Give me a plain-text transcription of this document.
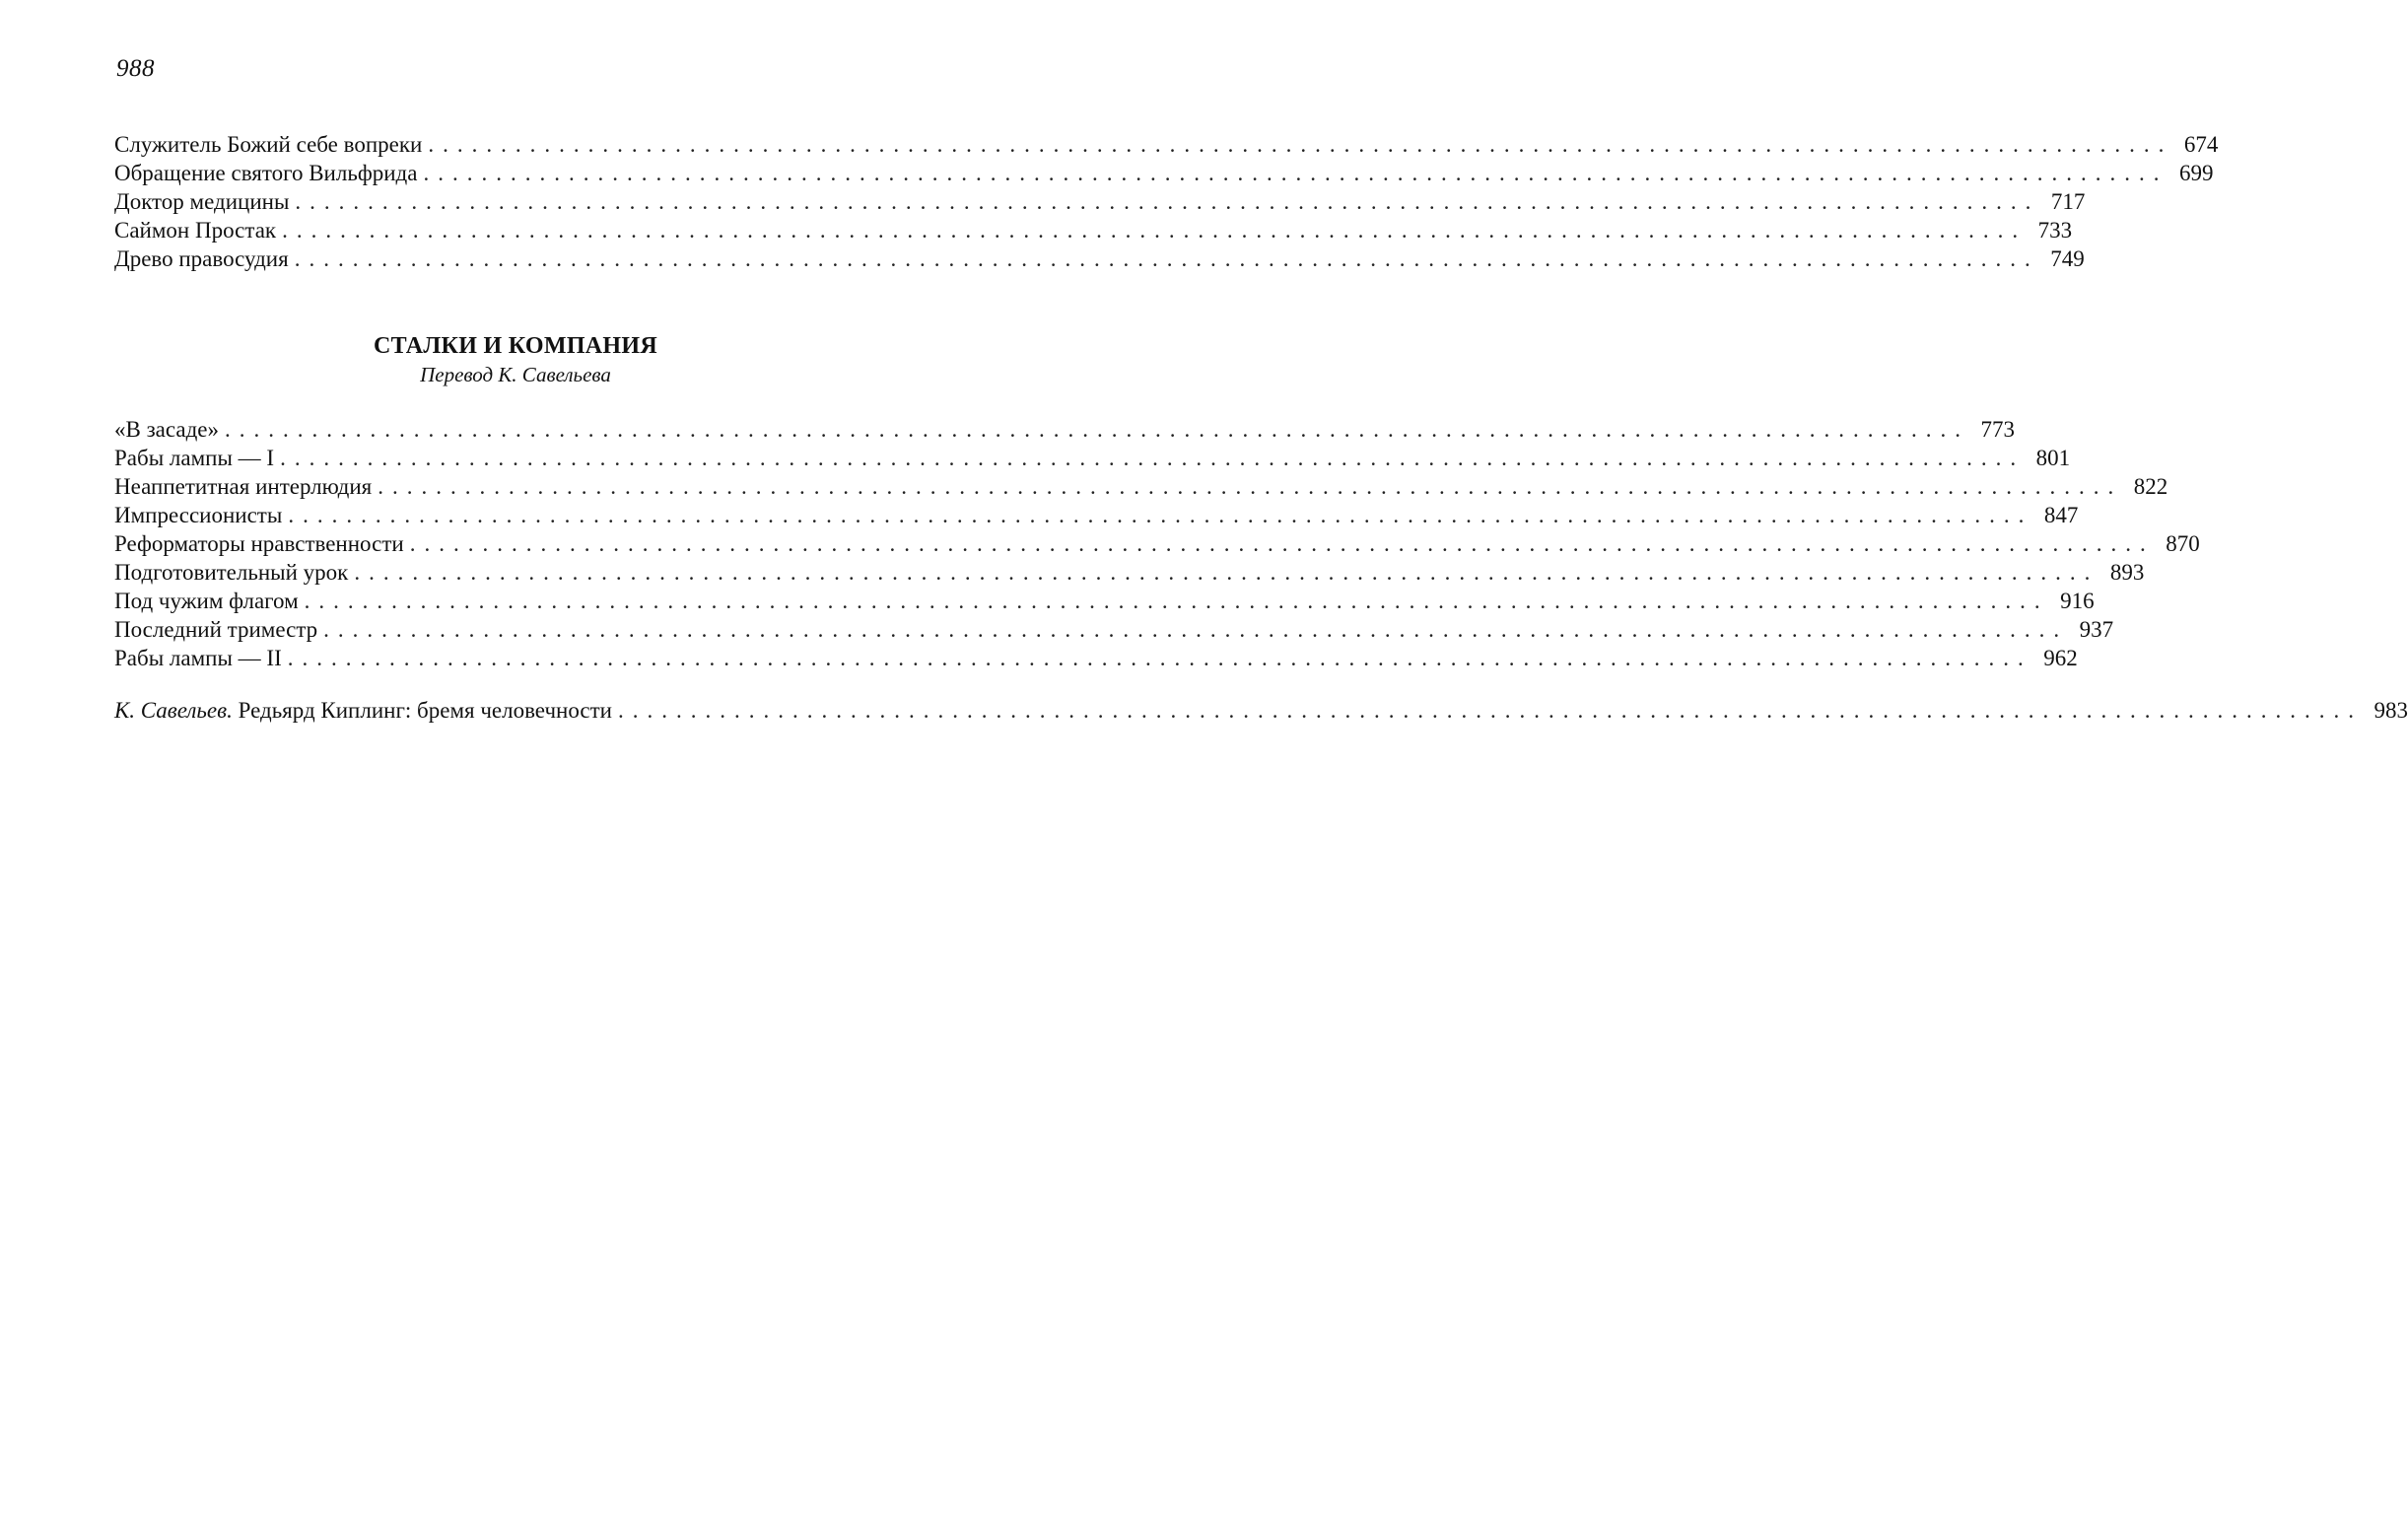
988
Служитель Божий себе вопреки ........................................................................................................................ 674
Обращение святого Вильфрида ........................................................................................................................ 699
Доктор медицины ........................................................................................................................ 717
Саймон Простак ........................................................................................................................ 733
Древо правосудия ........................................................................................................................ 749
СТАЛКИ И КОМПАНИЯ
Перевод К. Савельева
«В засаде» ........................................................................................................................ 773
Рабы лампы — I ........................................................................................................................ 801
Неаппетитная интерлюдия ........................................................................................................................ 822
Импрессионисты ........................................................................................................................ 847
Реформаторы нравственности ........................................................................................................................ 870
Подготовительный урок ........................................................................................................................ 893
Под чужим флагом ........................................................................................................................ 916
Последний триместр ........................................................................................................................ 937
Рабы лампы — II ........................................................................................................................ 962
К. Савельев. Редьярд Киплинг: бремя человечности ........................................................................................................................ 983
